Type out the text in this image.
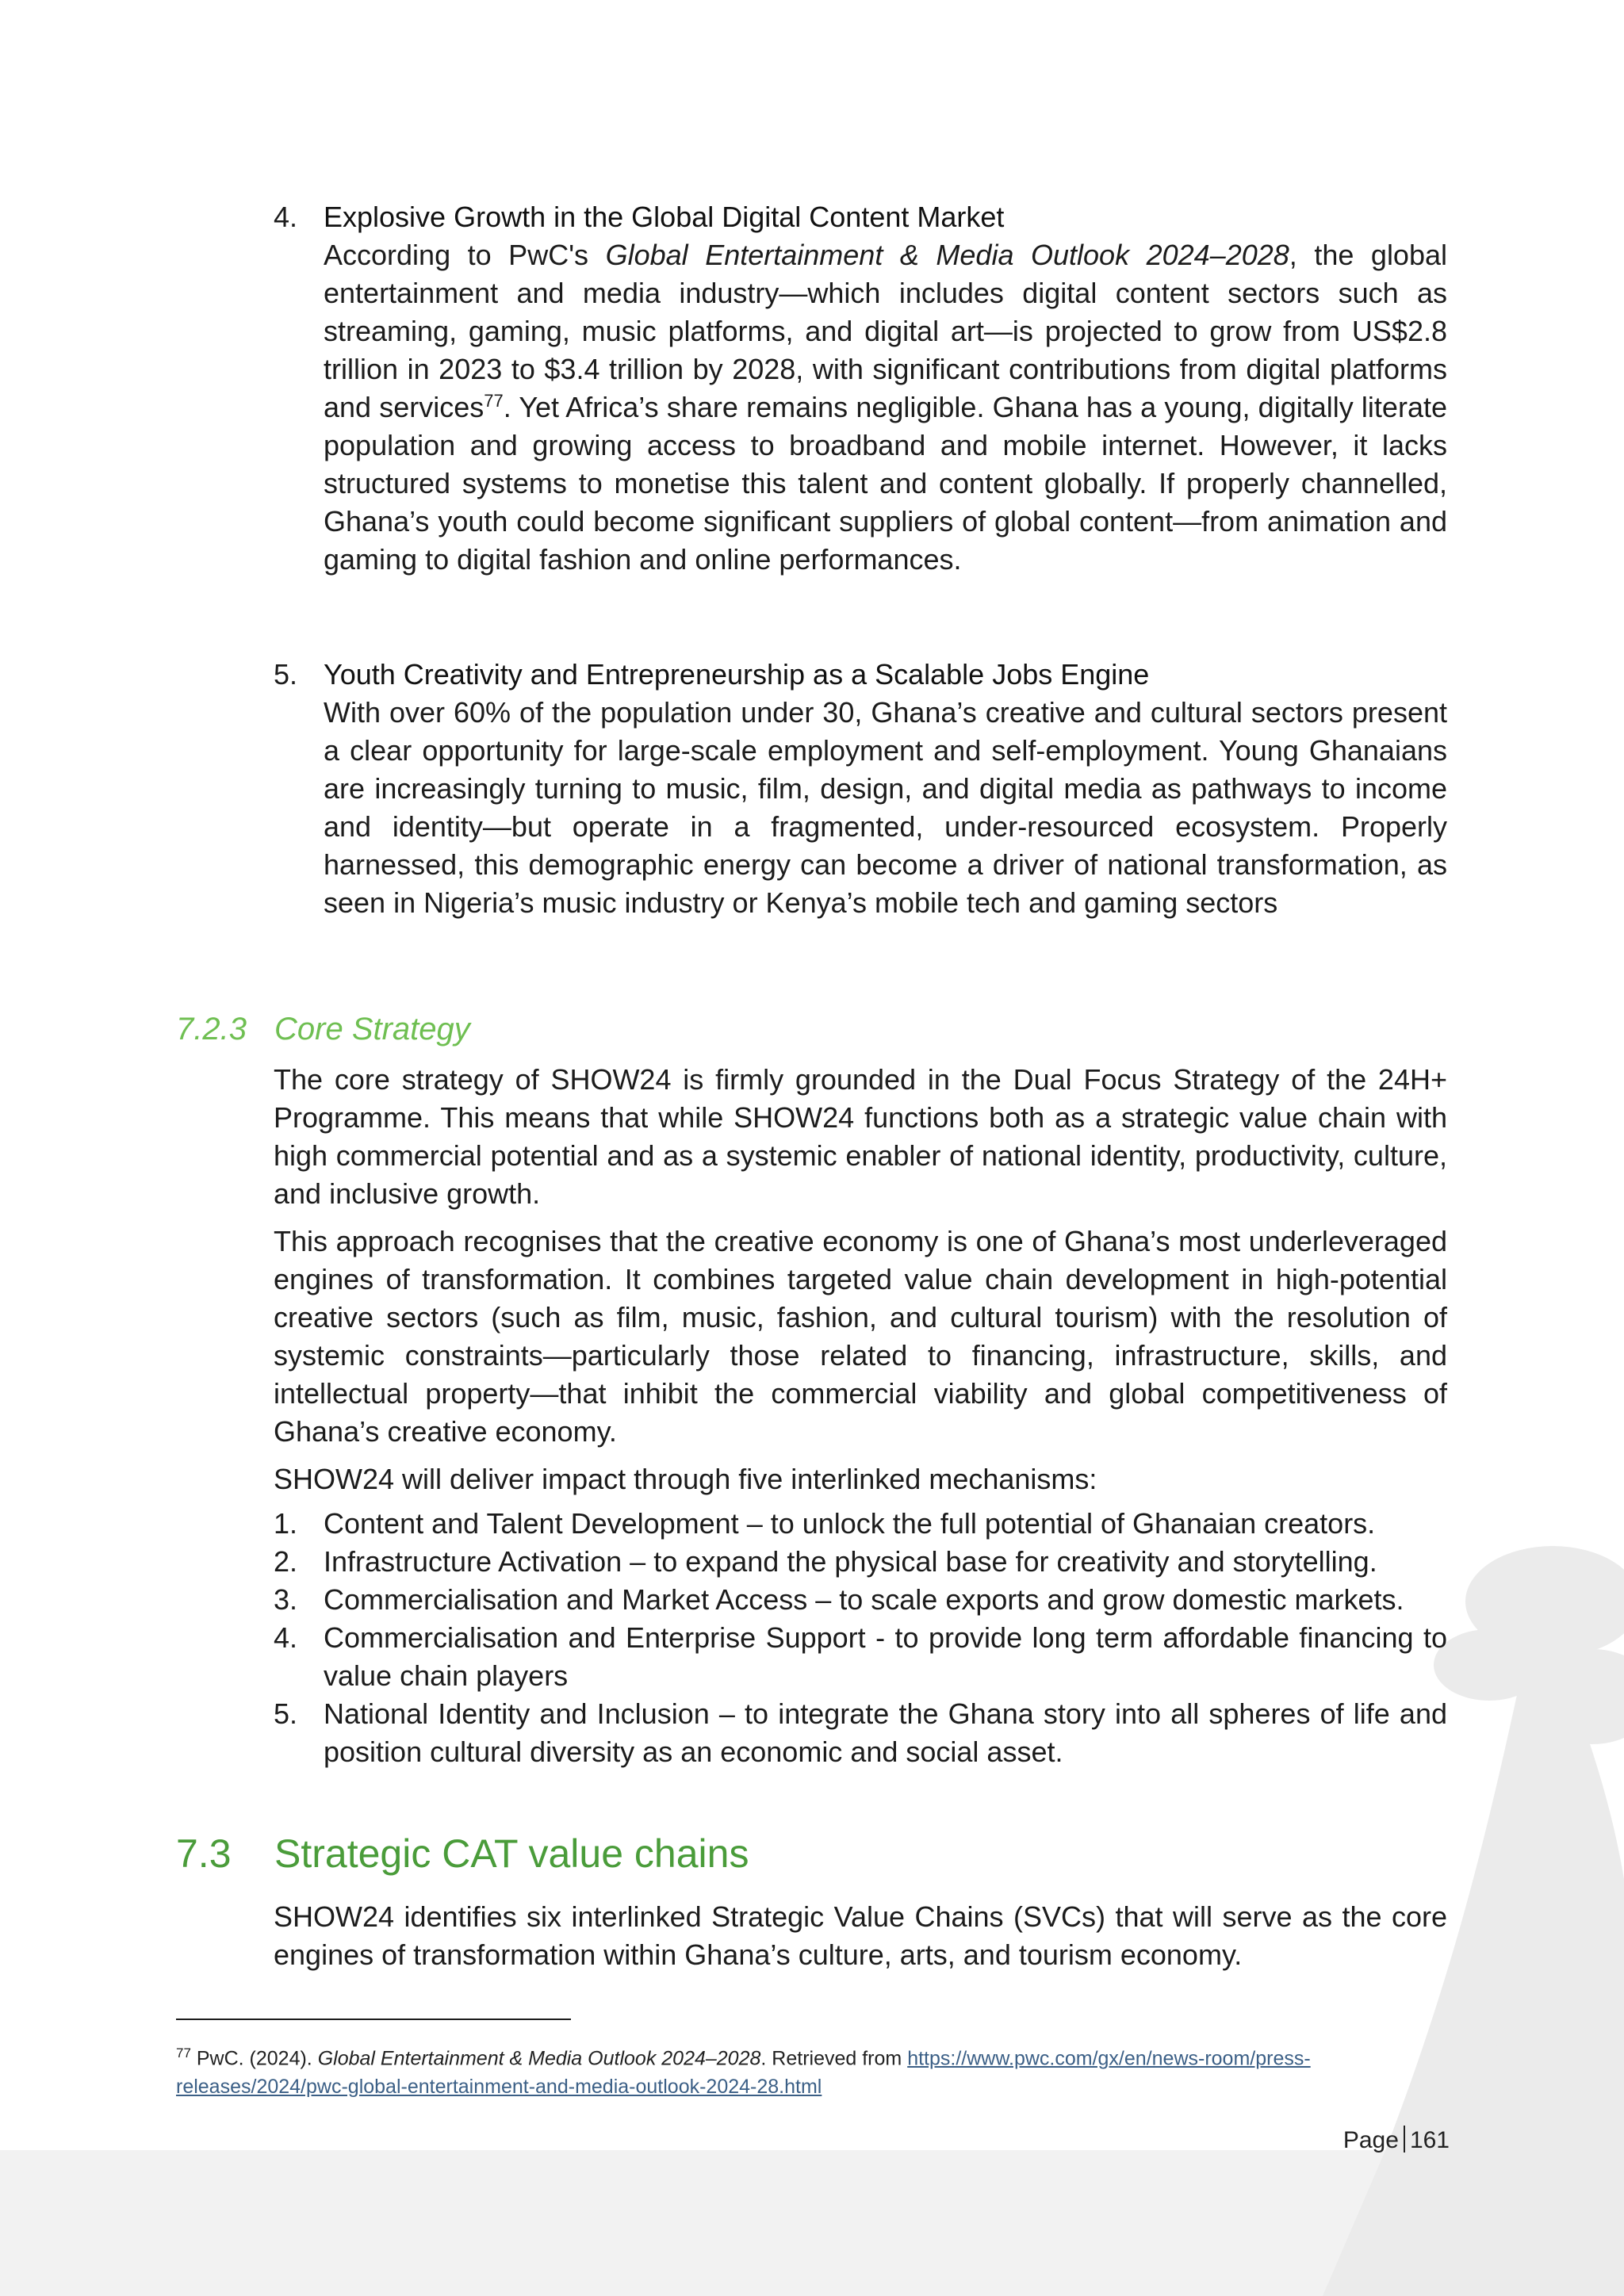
4. Explosive Growth in the Global Digital Content Market

According to PwC's Global Entertainment & Media Outlook 2024–2028, the global entertainment and media industry—which includes digital content sectors such as streaming, gaming, music platforms, and digital art—is projected to grow from US$2.8 trillion in 2023 to $3.4 trillion by 2028, with significant contributions from digital platforms and services$^{77}$. Yet Africa’s share remains negligible. Ghana has a young, digitally literate population and growing access to broadband and mobile internet. However, it lacks structured systems to monetise this talent and content globally. If properly channelled, Ghana’s youth could become significant suppliers of global content—from animation and gaming to digital fashion and online performances.

5. Youth Creativity and Entrepreneurship as a Scalable Jobs Engine

With over 60% of the population under 30, Ghana’s creative and cultural sectors present a clear opportunity for large-scale employment and self-employment. Young Ghanaians are increasingly turning to music, film, design, and digital media as pathways to income and identity—but operate in a fragmented, under-resourced ecosystem. Properly harnessed, this demographic energy can become a driver of national transformation, as seen in Nigeria’s music industry or Kenya’s mobile tech and gaming sectors

7.2.3 Core Strategy

The core strategy of SHOW24 is firmly grounded in the Dual Focus Strategy of the 24H+ Programme. This means that while SHOW24 functions both as a strategic value chain with high commercial potential and as a systemic enabler of national identity, productivity, culture, and inclusive growth.

This approach recognises that the creative economy is one of Ghana’s most underleveraged engines of transformation. It combines targeted value chain development in high-potential creative sectors (such as film, music, fashion, and cultural tourism) with the resolution of systemic constraints—particularly those related to financing, infrastructure, skills, and intellectual property—that inhibit the commercial viability and global competitiveness of Ghana’s creative economy.

SHOW24 will deliver impact through five interlinked mechanisms:

1. Content and Talent Development – to unlock the full potential of Ghanaian creators.
2. Infrastructure Activation – to expand the physical base for creativity and storytelling.
3. Commercialisation and Market Access – to scale exports and grow domestic markets.
4. Commercialisation and Enterprise Support - to provide long term affordable financing to value chain players
5. National Identity and Inclusion – to integrate the Ghana story into all spheres of life and position cultural diversity as an economic and social asset.
7.3 Strategic CAT value chains

SHOW24 identifies six interlinked Strategic Value Chains (SVCs) that will serve as the core engines of transformation within Ghana’s culture, arts, and tourism economy.

$^{77}$ PwC. (2024). Global Entertainment & Media Outlook 2024–2028. Retrieved from https://www.pwc.com/gx/en/news-room/press-releases/2024/pwc-global-entertainment-and-media-outlook-2024-28.html
Page 161
